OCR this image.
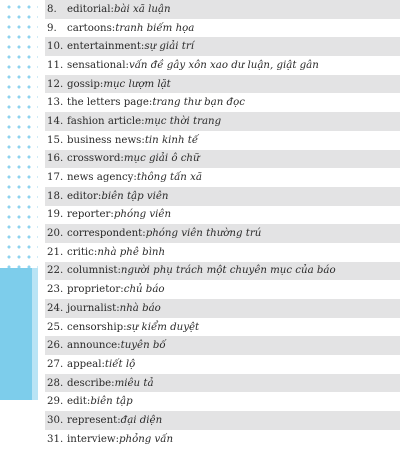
8.	editorial: bài xã luận
9.	cartoons: tranh biếm họa
10. entertainment: sự giải trí
11. sensational: vấn đề gây xôn xao dư luận, giật gân
12. gossip: mục lượm lặt
13. the letters page: trang thư bạn đọc
14. fashion article: mục thời trang
15. business news: tin kinh tế
16. crossword: mục giải ô chữ
17. news agency: thông tấn xã
18. editor: biên tập viên
19. reporter: phóng viên
20. correspondent: phóng viên thường trú
21. critic: nhà phê bình
22. columnist: người phụ trách một chuyên mục của báo
23. proprietor: chủ báo
24. journalist: nhà báo
25. censorship: sự kiểm duyệt
26. announce: tuyên bố
27. appeal: tiết lộ
28. describe: miêu tả
29. edit: biên tập
30. represent: đại diện
31. interview: phỏng vấn
